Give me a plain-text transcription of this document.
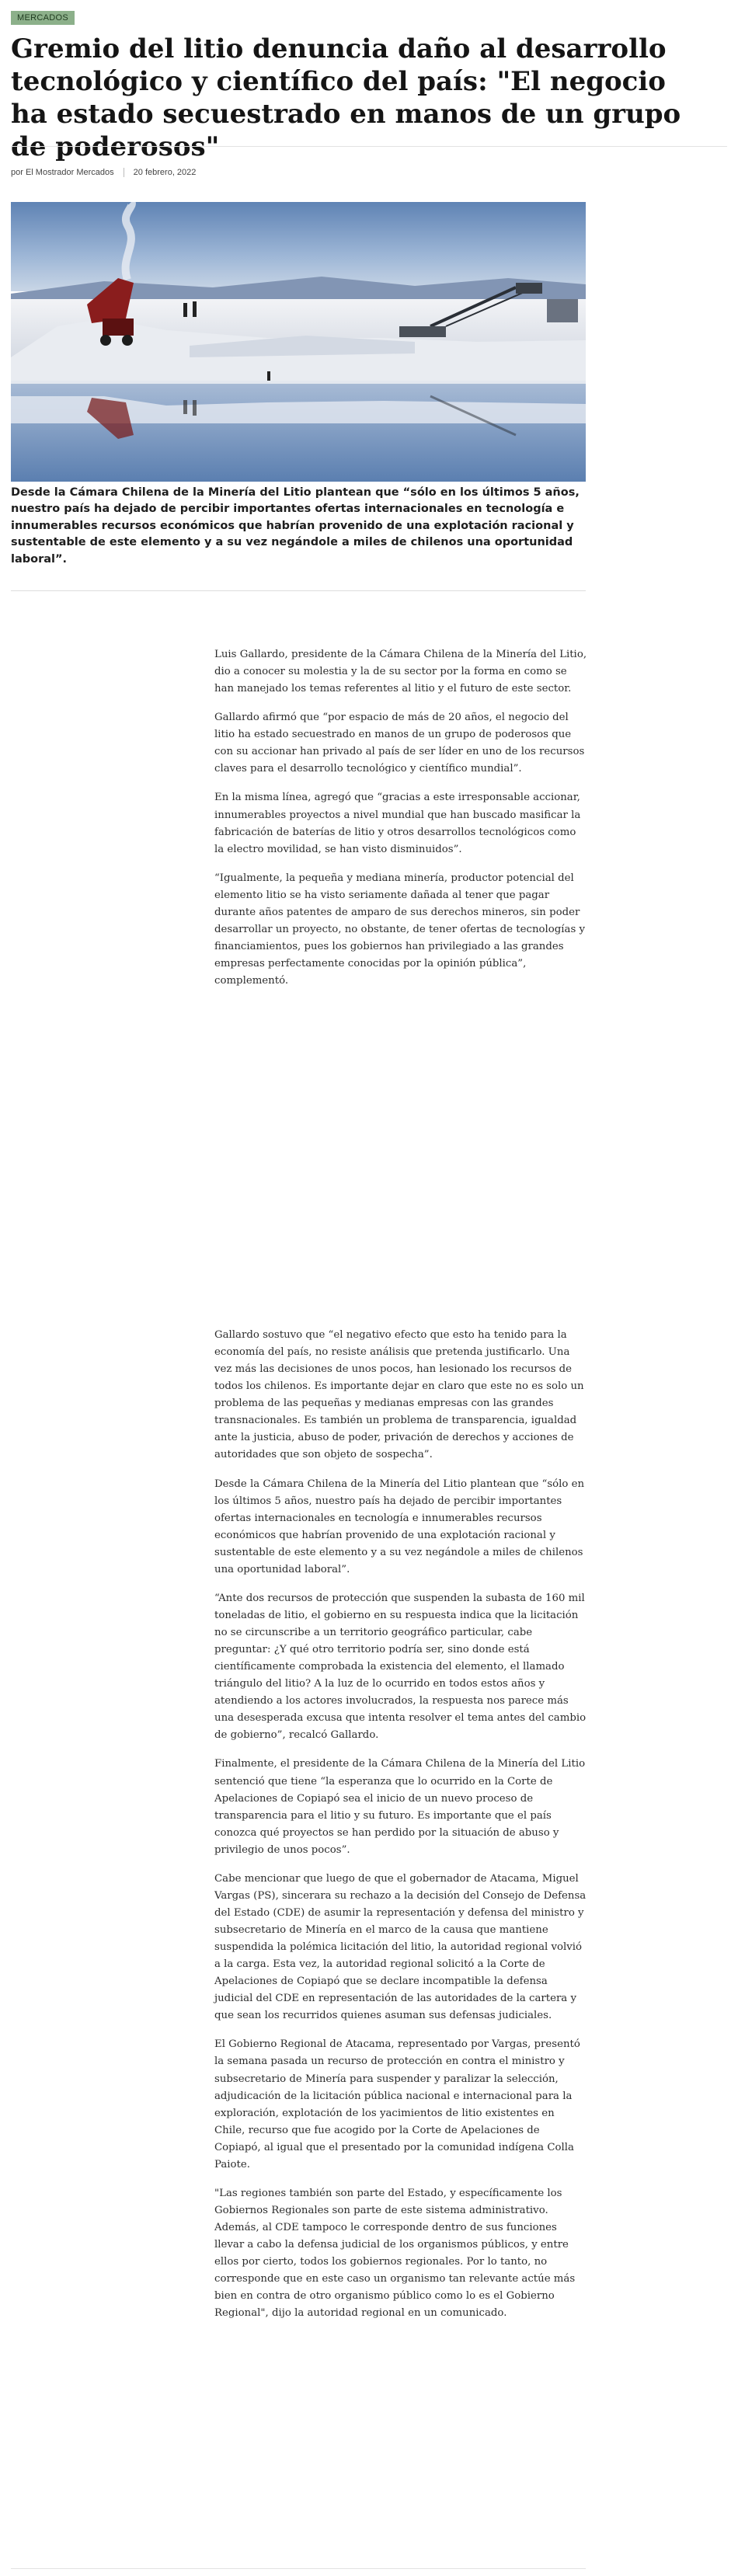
MERCADOS
Gremio del litio denuncia daño al desarrollo tecnológico y científico del país: "El negocio ha estado secuestrado en manos de un grupo de poderosos"
por El Mostrador Mercados 20 febrero, 2022

Desde la Cámara Chilena de la Minería del Litio plantean que “sólo en los últimos 5 años, nuestro país ha dejado de percibir importantes ofertas internacionales en tecnología e innumerables recursos económicos que habrían provenido de una explotación racional y sustentable de este elemento y a su vez negándole a miles de chilenos una oportunidad laboral”.

Luis Gallardo, presidente de la Cámara Chilena de la Minería del Litio, dio a conocer su molestia y la de su sector por la forma en como se han manejado los temas referentes al litio y el futuro de este sector.

Gallardo afirmó que “por espacio de más de 20 años, el negocio del litio ha estado secuestrado en manos de un grupo de poderosos que con su accionar han privado al país de ser líder en uno de los recursos claves para el desarrollo tecnológico y científico mundial”.

En la misma línea, agregó que “gracias a este irresponsable accionar, innumerables proyectos a nivel mundial que han buscado masificar la fabricación de baterías de litio y otros desarrollos tecnológicos como la electro movilidad, se han visto disminuidos”.

“Igualmente, la pequeña y mediana minería, productor potencial del elemento litio se ha visto seriamente dañada al tener que pagar durante años patentes de amparo de sus derechos mineros, sin poder desarrollar un proyecto, no obstante, de tener ofertas de tecnologías y financiamientos, pues los gobiernos han privilegiado a las grandes empresas perfectamente conocidas por la opinión pública”, complementó.

Gallardo sostuvo que “el negativo efecto que esto ha tenido para la economía del país, no resiste análisis que pretenda justificarlo. Una vez más las decisiones de unos pocos, han lesionado los recursos de todos los chilenos. Es importante dejar en claro que este no es solo un problema de las pequeñas y medianas empresas con las grandes transnacionales. Es también un problema de transparencia, igualdad ante la justicia, abuso de poder, privación de derechos y acciones de autoridades que son objeto de sospecha”.

Desde la Cámara Chilena de la Minería del Litio plantean que “sólo en los últimos 5 años, nuestro país ha dejado de percibir importantes ofertas internacionales en tecnología e innumerables recursos económicos que habrían provenido de una explotación racional y sustentable de este elemento y a su vez negándole a miles de chilenos una oportunidad laboral”.

“Ante dos recursos de protección que suspenden la subasta de 160 mil toneladas de litio, el gobierno en su respuesta indica que la licitación no se circunscribe a un territorio geográfico particular, cabe preguntar: ¿Y qué otro territorio podría ser, sino donde está científicamente comprobada la existencia del elemento, el llamado triángulo del litio? A la luz de lo ocurrido en todos estos años y atendiendo a los actores involucrados, la respuesta nos parece más una desesperada excusa que intenta resolver el tema antes del cambio de gobierno”, recalcó Gallardo.

Finalmente, el presidente de la Cámara Chilena de la Minería del Litio sentenció que tiene “la esperanza que lo ocurrido en la Corte de Apelaciones de Copiapó sea el inicio de un nuevo proceso de transparencia para el litio y su futuro. Es importante que el país conozca qué proyectos se han perdido por la situación de abuso y privilegio de unos pocos”.

Cabe mencionar que luego de que el gobernador de Atacama, Miguel Vargas (PS), sincerara su rechazo a la decisión del Consejo de Defensa del Estado (CDE) de asumir la representación y defensa del ministro y subsecretario de Minería en el marco de la causa que mantiene suspendida la polémica licitación del litio, la autoridad regional volvió a la carga. Esta vez, la autoridad regional solicitó a la Corte de Apelaciones de Copiapó que se declare incompatible la defensa judicial del CDE en representación de las autoridades de la cartera y que sean los recurridos quienes asuman sus defensas judiciales.

El Gobierno Regional de Atacama, representado por Vargas, presentó la semana pasada un recurso de protección en contra el ministro y subsecretario de Minería para suspender y paralizar la selección, adjudicación de la licitación pública nacional e internacional para la exploración, explotación de los yacimientos de litio existentes en Chile, recurso que fue acogido por la Corte de Apelaciones de Copiapó, al igual que el presentado por la comunidad indígena Colla Paiote.

"Las regiones también son parte del Estado, y específicamente los Gobiernos Regionales son parte de este sistema administrativo. Además, al CDE tampoco le corresponde dentro de sus funciones llevar a cabo la defensa judicial de los organismos públicos, y entre ellos por cierto, todos los gobiernos regionales. Por lo tanto, no corresponde que en este caso un organismo tan relevante actúe más bien en contra de otro organismo público como lo es el Gobierno Regional", dijo la autoridad regional en un comunicado.
